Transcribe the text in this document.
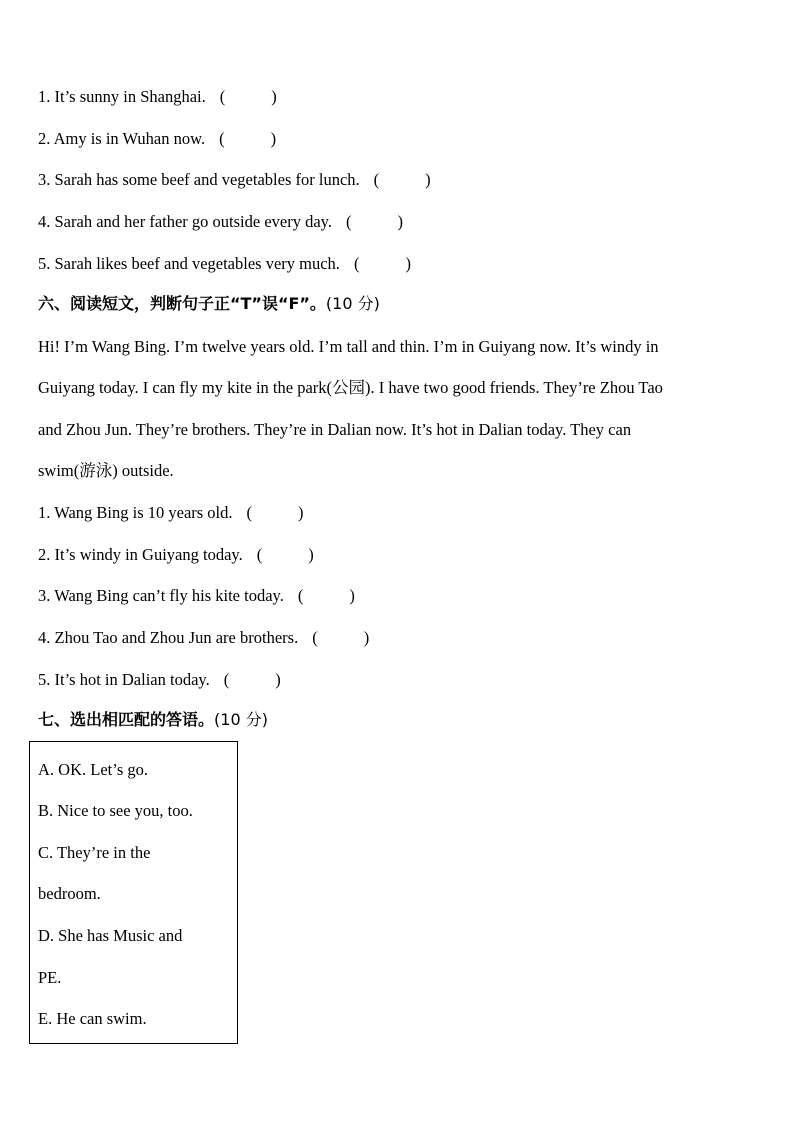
1. It’s sunny in Shanghai. (	)
2. Amy is in Wuhan now. (	)
3. Sarah has some beef and vegetables for lunch. (	)
4. Sarah and her father go outside every day. (	)
5. Sarah likes beef and vegetables very much. (	)
六、阅读短文，判断句子正“T”误“F”。(10 分)
Hi! I’m Wang Bing. I’m twelve years old. I’m tall and thin. I’m in Guiyang now. It’s windy in
Guiyang today. I can fly my kite in the park(公园). I have two good friends. They’re Zhou Tao
and Zhou Jun. They’re brothers. They’re in Dalian now. It’s hot in Dalian today. They can
swim(游泳) outside.
1. Wang Bing is 10 years old. (	)
2. It’s windy in Guiyang today. (	)
3. Wang Bing can’t fly his kite today. (	)
4. Zhou Tao and Zhou Jun are brothers. (	)
5. It’s hot in Dalian today. (	)
七、选出相匹配的答语。(10 分)
A. OK. Let’s go.
B. Nice to see you, too.
C. They’re in the
bedroom.
D. She has Music and
PE.
E. He can swim.
